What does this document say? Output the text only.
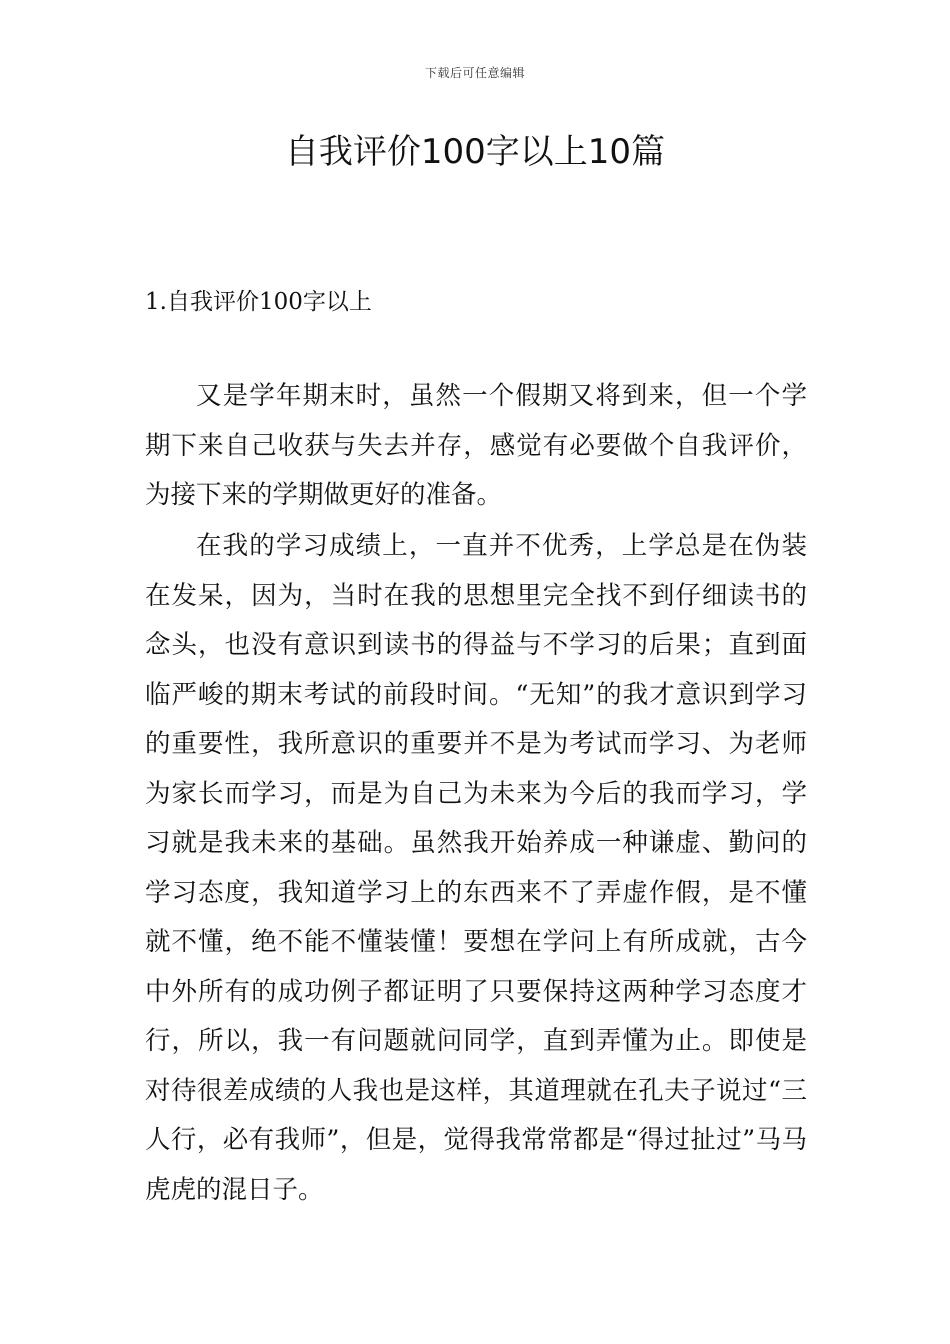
下载后可任意编辑
自我评价100字以上10篇
1.自我评价100字以上

又是学年期末时，虽然一个假期又将到来，但一个学期下来自己收获与失去并存，感觉有必要做个自我评价，为接下来的学期做更好的准备。

在我的学习成绩上，一直并不优秀，上学总是在伪装在发呆，因为，当时在我的思想里完全找不到仔细读书的念头，也没有意识到读书的得益与不学习的后果；直到面临严峻的期末考试的前段时间。“无知”的我才意识到学习的重要性，我所意识的重要并不是为考试而学习、为老师为家长而学习，而是为自己为未来为今后的我而学习，学习就是我未来的基础。虽然我开始养成一种谦虚、勤问的学习态度，我知道学习上的东西来不了弄虚作假，是不懂就不懂，绝不能不懂装懂！要想在学问上有所成就，古今中外所有的成功例子都证明了只要保持这两种学习态度才行，所以，我一有问题就问同学，直到弄懂为止。即使是对待很差成绩的人我也是这样，其道理就在孔夫子说过“三人行，必有我师”，但是，觉得我常常都是“得过扯过”马马虎虎的混日子。
